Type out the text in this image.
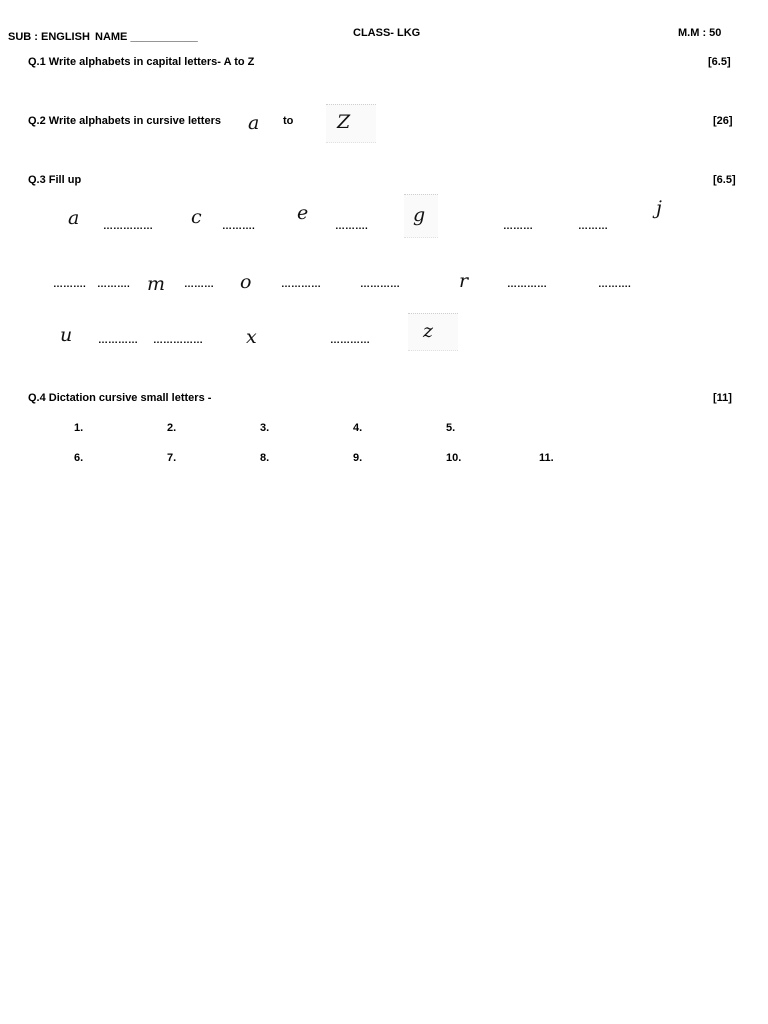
SUB : ENGLISH NAME ___________	CLASS- LKG	M.M : 50
Q.1 Write alphabets in capital letters- A to Z	[6.5]
Q.2 Write alphabets in cursive letters a to Z	[26]
Q.3 Fill up	[6.5]
a …………… c ……….
e
……….
g
………	………
j
………. ………. m ……… o	…………	…………	r	…………	……….
u	………… …………… x	…………	z
Q.4 Dictation cursive small letters -	[11]
1.	2.	3.	4.	5.
6.	7.	8.	9.	10.	11.
